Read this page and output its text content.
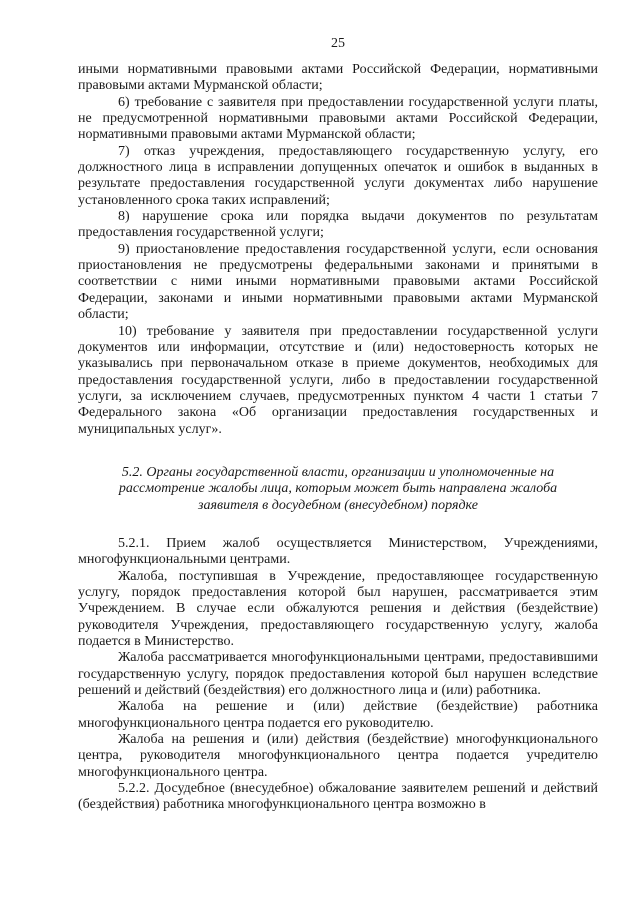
25

иными нормативными правовыми актами Российской Федерации, нормативными правовыми актами Мурманской области;

6) требование с заявителя при предоставлении государственной услуги платы, не предусмотренной нормативными правовыми актами Российской Федерации, нормативными правовыми актами Мурманской области;

7) отказ учреждения, предоставляющего государственную услугу, его должностного лица в исправлении допущенных опечаток и ошибок в выданных в результате предоставления государственной услуги документах либо нарушение установленного срока таких исправлений;

8) нарушение срока или порядка выдачи документов по результатам предоставления государственной услуги;

9) приостановление предоставления государственной услуги, если основания приостановления не предусмотрены федеральными законами и принятыми в соответствии с ними иными нормативными правовыми актами Российской Федерации, законами и иными нормативными правовыми актами Мурманской области;

10) требование у заявителя при предоставлении государственной услуги документов или информации, отсутствие и (или) недостоверность которых не указывались при первоначальном отказе в приеме документов, необходимых для предоставления государственной услуги, либо в предоставлении государственной услуги, за исключением случаев, предусмотренных пунктом 4 части 1 статьи 7 Федерального закона «Об организации предоставления государственных и муниципальных услуг».

5.2. Органы государственной власти, организации и уполномоченные на
рассмотрение жалобы лица, которым может быть направлена жалоба
заявителя в досудебном (внесудебном) порядке

5.2.1. Прием жалоб осуществляется Министерством, Учреждениями, многофункциональными центрами.

Жалоба, поступившая в Учреждение, предоставляющее государственную услугу, порядок предоставления которой был нарушен, рассматривается этим Учреждением. В случае если обжалуются решения и действия (бездействие) руководителя Учреждения, предоставляющего государственную услугу, жалоба подается в Министерство.

Жалоба рассматривается многофункциональными центрами, предоставившими государственную услугу, порядок предоставления которой был нарушен вследствие решений и действий (бездействия) его должностного лица и (или) работника.

Жалоба на решение и (или) действие (бездействие) работника многофункционального центра подается его руководителю.

Жалоба на решения и (или) действия (бездействие) многофункционального центра, руководителя многофункционального центра подается учредителю многофункционального центра.

5.2.2. Досудебное (внесудебное) обжалование заявителем решений и действий (бездействия) работника многофункционального центра возможно в
